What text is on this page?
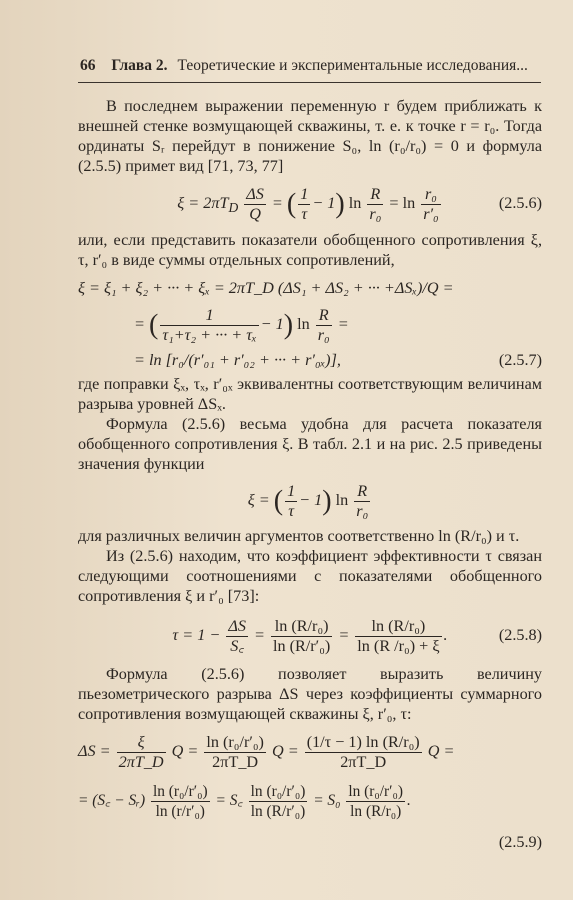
66 Глава 2. Теоретические и экспериментальные исследования...

В последнем выражении переменную r будем приближать к внешней стенке возмущающей скважины, т. е. к точке r = r₀. Тогда ординаты Sᵣ перейдут в понижение S₀, ln (r₀/r₀) = 0 и формула (2.5.5) примет вид [71, 73, 77]

$\xi = 2\pi T_D \frac{\Delta S}{Q}$ = ( $\frac{1}{\tau} - 1$) $\ln \frac{R}{\text{r₀}} = \ln \frac{\text{r₀}}{\text{r′₀}}$	(2.5.6)

или, если представить показатели обобщенного сопротивления ξ, τ, r′₀ в виде суммы отдельных сопротивлений,

ξ = ξ₁ + ξ₂ + ··· + ξₓ = 2πT_D (ΔS₁ + ΔS₂ + ··· +ΔSₓ)/Q =
= ( $\frac{1}{\text{τ₁+τ₂ + ··· + τₓ}} - 1$) $\ln \frac{R}{\text{r₀}}$ =
= ln [r₀/(r′₀₁ + r′₀₂ + ··· + r′₀ₓ)],	(2.5.7)

где поправки ξₓ, τₓ, r′₀ₓ эквивалентны соответствующим величинам разрыва уровней ΔSₓ.

Формула (2.5.6) весьма удобна для расчета показателя обобщенного сопротивления ξ. В табл. 2.1 и на рис. 2.5 приведены значения функции

ξ = ( $\frac{1}{\tau} - 1$) $\ln \frac{R}{\text{r₀}}$

для различных величин аргументов соответственно ln (R/r₀) и τ.

Из (2.5.6) находим, что коэффициент эффективности τ связан следующими соотношениями с показателями обобщенного сопротивления ξ и r′₀ [73]:

$\tau = 1 - \frac{\Delta S}{S꜀} = \frac{\text{ln (R/r₀)}}{\text{ln (R/r′₀)}} = \frac{\text{ln (R/r₀)}}{\text{ln (R /r₀) + ξ}}$ .	(2.5.8)

Формула (2.5.6) позволяет выразить величину пьезометрического разрыва ΔS через коэффициенты суммарного сопротивления возмущающей скважины ξ, r′₀, τ:

$\Delta S = \frac{\xi}{2\pi T\_D}$ $Q = \frac{\text{ln (r₀/r′₀)}}{2\pi T\_D}$ $Q = \frac{\text{(1/τ − 1) ln (R/r₀)}}{2\pi T\_D}$ Q =
= (S꜀ − Sᵣ) $\frac{\text{ln (r₀/r′₀)}}{\text{ln (r/r′₀)}}$ = S꜀ $\frac{\text{ln (r₀/r′₀)}}{\text{ln (R/r′₀)}} = S_0 \frac{\text{ln (r₀/r′₀)}}{\text{ln (R/r₀)}}$ .
(2.5.9)
